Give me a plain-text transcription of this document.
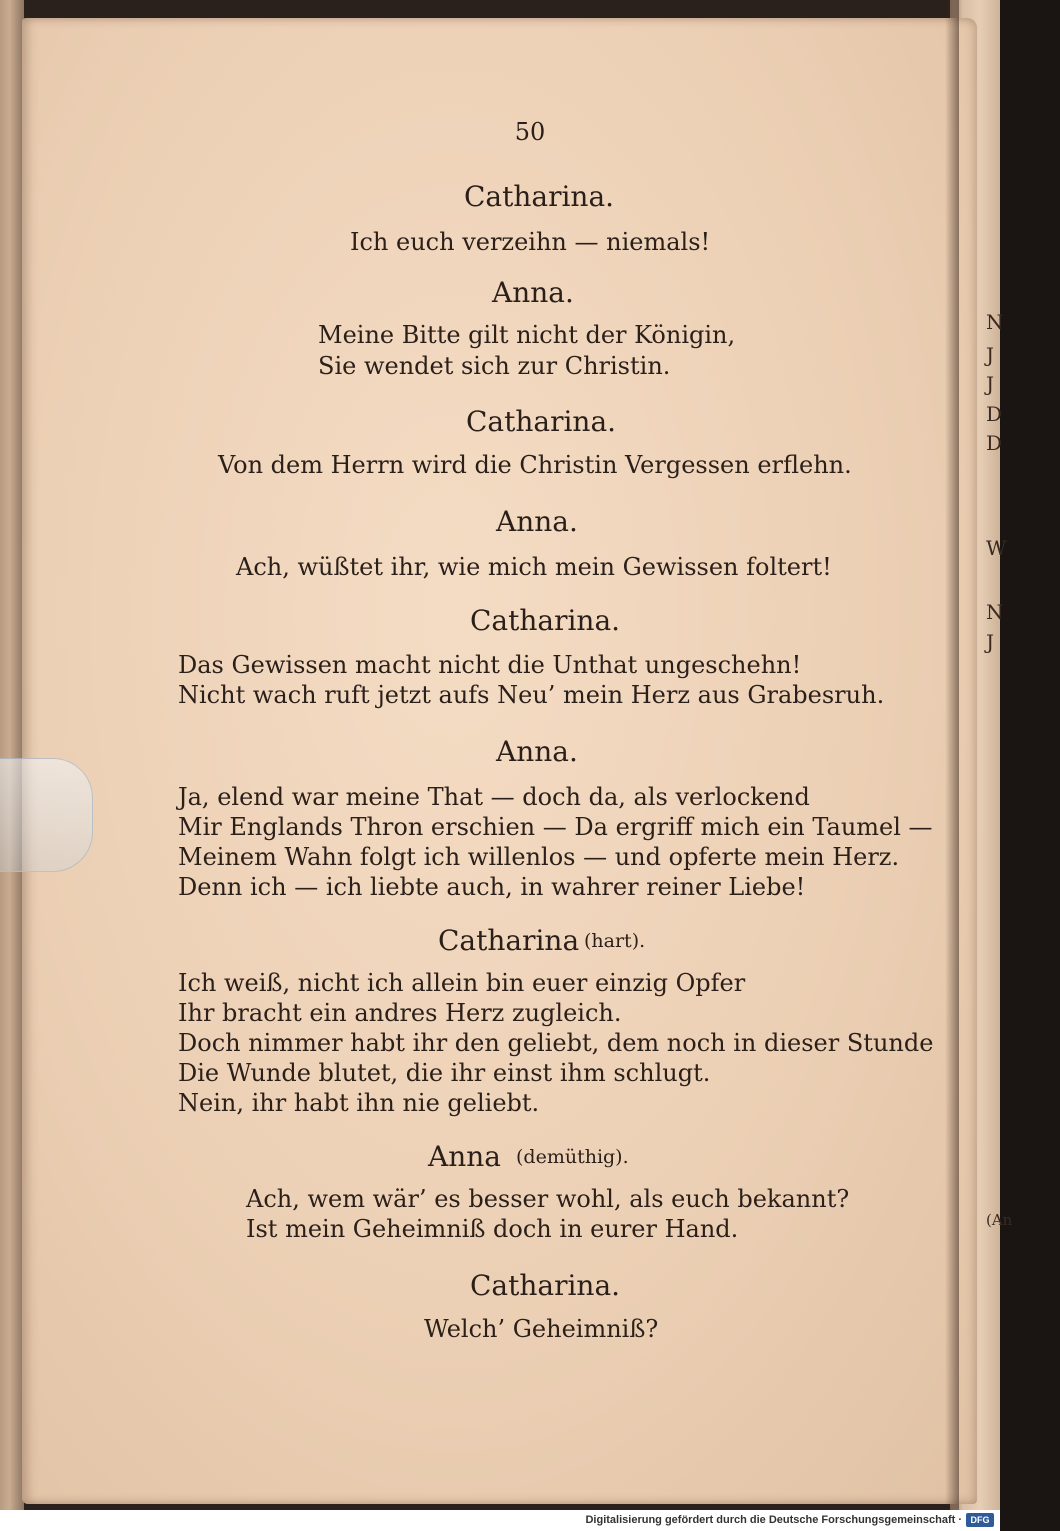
N
J
J
D
D
W
N
J
(An
50
Catharina.
Ich euch verzeihn — niemals!
Anna.
Meine Bitte gilt nicht der Königin,
Sie wendet sich zur Christin.
Catharina.
Von dem Herrn wird die Christin Vergessen erflehn.
Anna.
Ach, wüßtet ihr, wie mich mein Gewissen foltert!
Catharina.
Das Gewissen macht nicht die Unthat ungeschehn!
Nicht wach ruft jetzt aufs Neu’ mein Herz aus Grabesruh.
Anna.
Ja, elend war meine That — doch da, als verlockend
Mir Englands Thron erschien — Da ergriff mich ein Taumel —
Meinem Wahn folgt ich willenlos — und opferte mein Herz.
Denn ich — ich liebte auch, in wahrer reiner Liebe!
Catharina (hart).
Ich weiß, nicht ich allein bin euer einzig Opfer
Ihr bracht ein andres Herz zugleich.
Doch nimmer habt ihr den geliebt, dem noch in dieser Stunde
Die Wunde blutet, die ihr einst ihm schlugt.
Nein, ihr habt ihn nie geliebt.
Anna (demüthig).
Ach, wem wär’ es besser wohl, als euch bekannt?
Ist mein Geheimniß doch in eurer Hand.
Catharina.
Welch’ Geheimniß?
Digitalisierung gefördert durch die Deutsche Forschungsgemeinschaft · DFG
